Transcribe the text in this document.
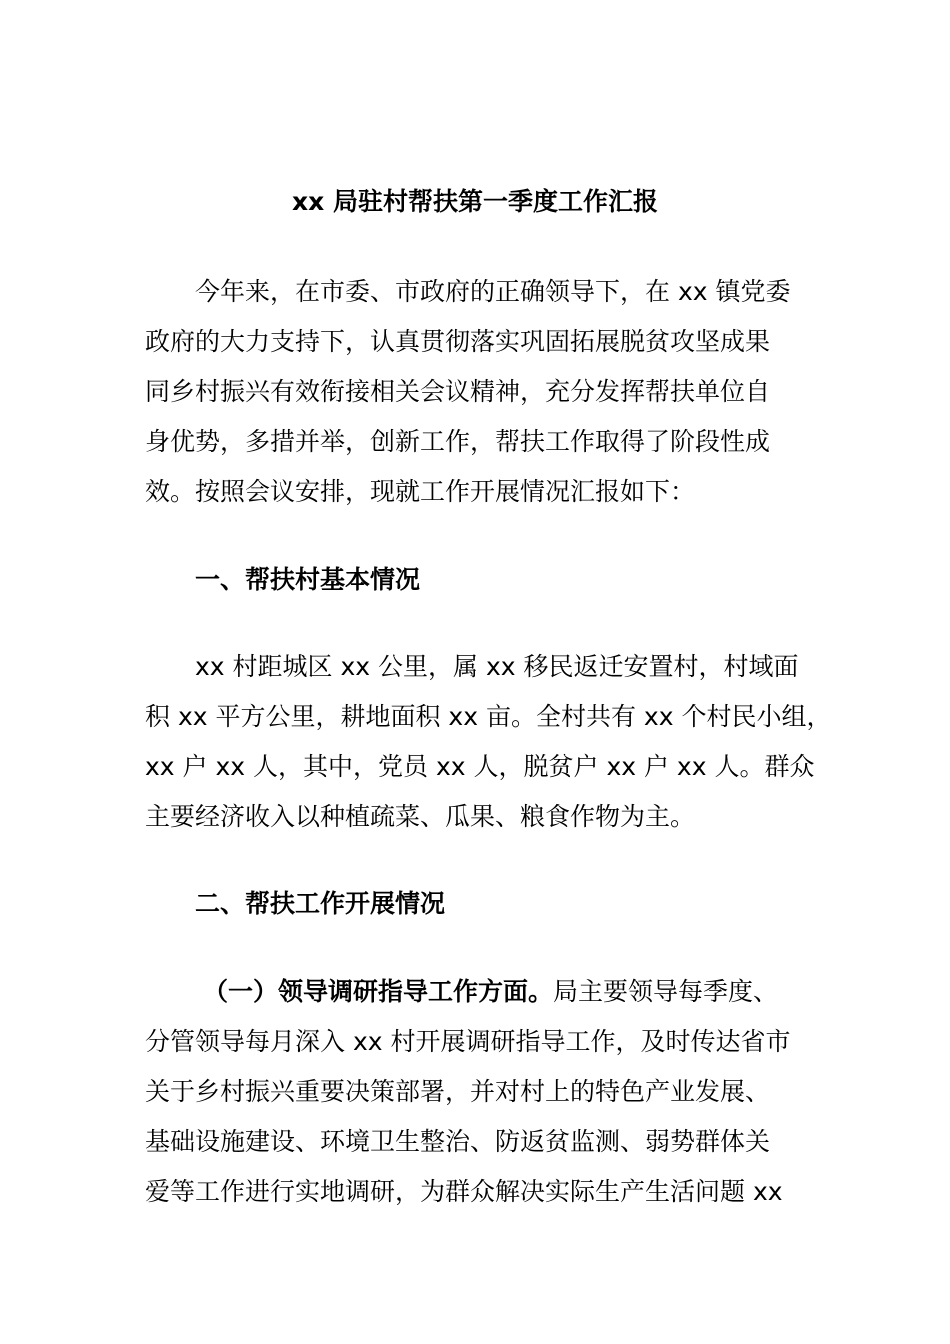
xx 局驻村帮扶第一季度工作汇报
今年来，在市委、市政府的正确领导下，在 xx 镇党委
政府的大力支持下，认真贯彻落实巩固拓展脱贫攻坚成果
同乡村振兴有效衔接相关会议精神，充分发挥帮扶单位自
身优势，多措并举，创新工作，帮扶工作取得了阶段性成
效。按照会议安排，现就工作开展情况汇报如下：
一、帮扶村基本情况
xx 村距城区 xx 公里，属 xx 移民返迁安置村，村域面
积 xx 平方公里，耕地面积 xx 亩。全村共有 xx 个村民小组，
xx 户 xx 人，其中，党员 xx 人，脱贫户 xx 户 xx 人。群众
主要经济收入以种植疏菜、瓜果、粮食作物为主。
二、帮扶工作开展情况
（一）领导调研指导工作方面。局主要领导每季度、
分管领导每月深入 xx 村开展调研指导工作，及时传达省市
关于乡村振兴重要决策部署，并对村上的特色产业发展、
基础设施建设、环境卫生整治、防返贫监测、弱势群体关
爱等工作进行实地调研，为群众解决实际生产生活问题 xx
